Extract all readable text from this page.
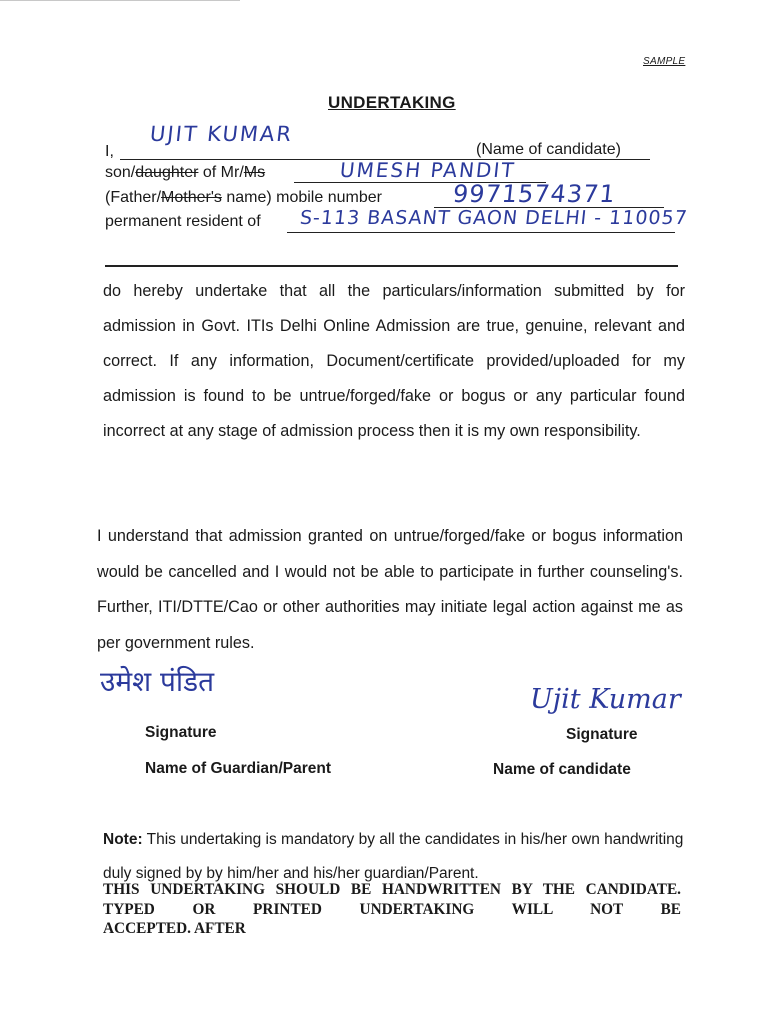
SAMPLE
UNDERTAKING
I,
UJIT KUMAR
(Name of candidate)
son/daughter of Mr/Ms	UMESH PANDIT
(Father/Mother's name) mobile number	9971574371
permanent resident of S-113 BASANT GAON DELHI - 110057
do hereby undertake that all the particulars/information submitted by for admission in Govt. ITIs Delhi Online Admission are true, genuine, relevant and correct. If any information, Document/certificate provided/uploaded for my admission is found to be untrue/forged/fake or bogus or any particular found incorrect at any stage of admission process then it is my own responsibility.
I understand that admission granted on untrue/forged/fake or bogus information would be cancelled and I would not be able to participate in further counseling's. Further, ITI/DTTE/Cao or other authorities may initiate legal action against me as per government rules.
उमेश पंडित
Ujit Kumar
Signature
Name of Guardian/Parent
Signature
Name of candidate
Note: This undertaking is mandatory by all the candidates in his/her own handwriting duly signed by by him/her and his/her guardian/Parent.
THIS UNDERTAKING SHOULD BE HANDWRITTEN BY THE CANDIDATE. TYPED OR PRINTED UNDERTAKING WILL NOT BE
ACCEPTED. AFTER
